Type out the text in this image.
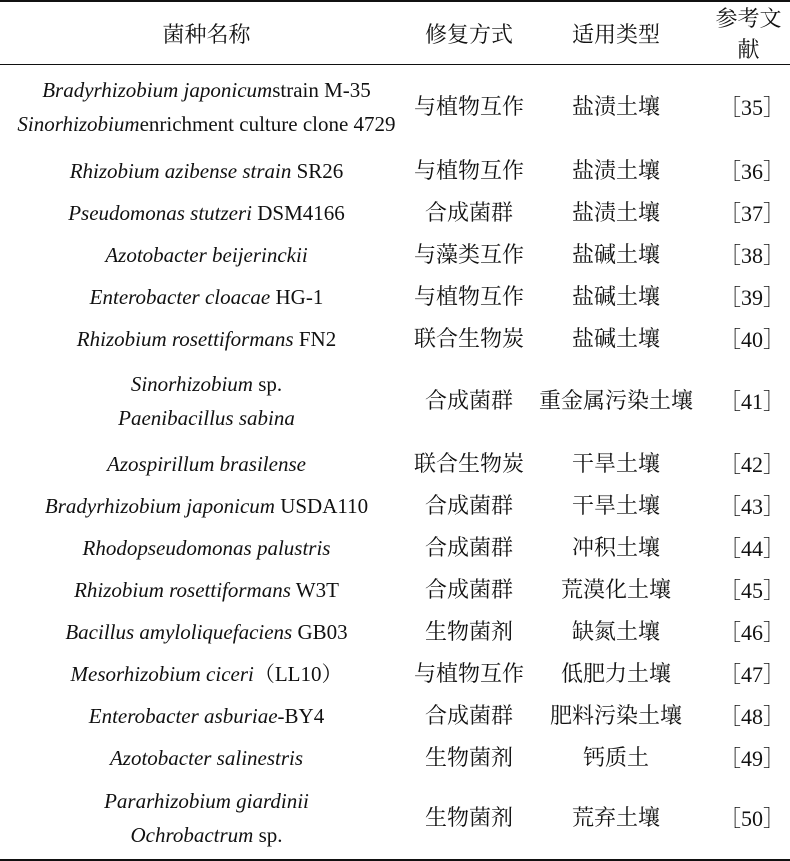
菌种名称	修复方式	适用类型	参考文献

Bradyrhizobium japonicumstrain M-35
Sinorhizobiumenrichment culture clone 4729	与植物互作	盐渍土壤	［35］

Rhizobium azibense strain SR26	与植物互作	盐渍土壤	［36］

Pseudomonas stutzeri DSM4166	合成菌群	盐渍土壤	［37］

Azotobacter beijerinckii	与藻类互作	盐碱土壤	［38］

Enterobacter cloacae HG-1	与植物互作	盐碱土壤	［39］

Rhizobium rosettiformans FN2	联合生物炭	盐碱土壤	［40］

Sinorhizobium sp.
Paenibacillus sabina	合成菌群	重金属污染土壤	［41］

Azospirillum brasilense	联合生物炭	干旱土壤	［42］

Bradyrhizobium japonicum USDA110	合成菌群	干旱土壤	［43］

Rhodopseudomonas palustris	合成菌群	冲积土壤	［44］

Rhizobium rosettiformans W3T	合成菌群	荒漠化土壤	［45］

Bacillus amyloliquefaciens GB03	生物菌剂	缺氮土壤	［46］

Mesorhizobium ciceri（LL10）	与植物互作	低肥力土壤	［47］

Enterobacter asburiae-BY4	合成菌群	肥料污染土壤	［48］

Azotobacter salinestris	生物菌剂	钙质土	［49］

Pararhizobium giardinii
Ochrobactrum sp.	生物菌剂	荒弃土壤	［50］
